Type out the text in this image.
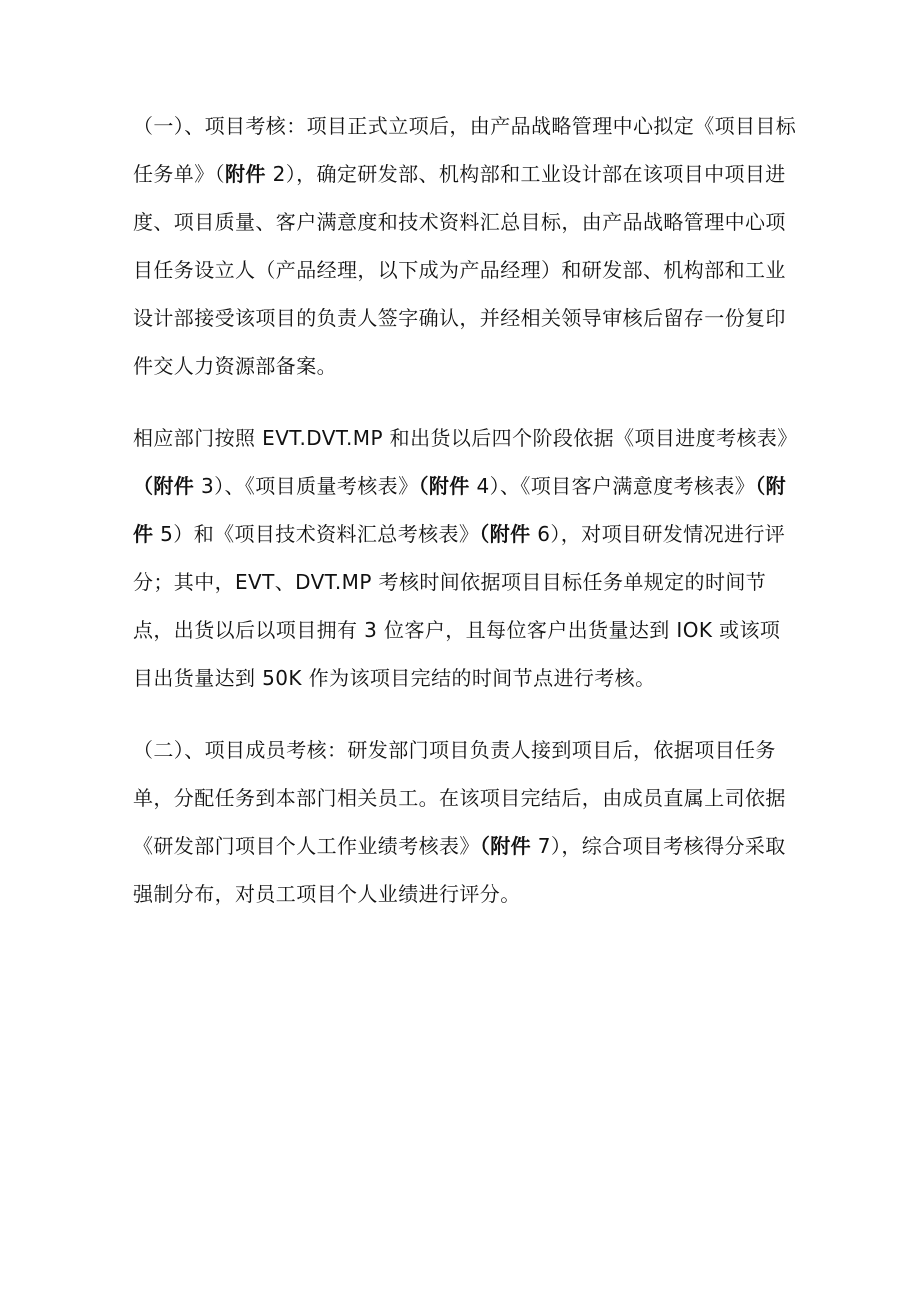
（一）、项目考核：项目正式立项后，由产品战略管理中心拟定《项目目标任务单》（附件 2），确定研发部、机构部和工业设计部在该项目中项目进度、项目质量、客户满意度和技术资料汇总目标，由产品战略管理中心项目任务设立人（产品经理，以下成为产品经理）和研发部、机构部和工业设计部接受该项目的负责人签字确认，并经相关领导审核后留存一份复印件交人力资源部备案。

相应部门按照 EVT.DVT.MP 和出货以后四个阶段依据《项目进度考核表》（附件 3）、《项目质量考核表》（附件 4）、《项目客户满意度考核表》（附件 5）和《项目技术资料汇总考核表》（附件 6），对项目研发情况进行评分；其中，EVT、DVT.MP 考核时间依据项目目标任务单规定的时间节点，出货以后以项目拥有 3 位客户，且每位客户出货量达到 IOK 或该项目出货量达到 50K 作为该项目完结的时间节点进行考核。

（二）、项目成员考核：研发部门项目负责人接到项目后，依据项目任务单，分配任务到本部门相关员工。在该项目完结后，由成员直属上司依据《研发部门项目个人工作业绩考核表》（附件 7），综合项目考核得分采取强制分布，对员工项目个人业绩进行评分。
